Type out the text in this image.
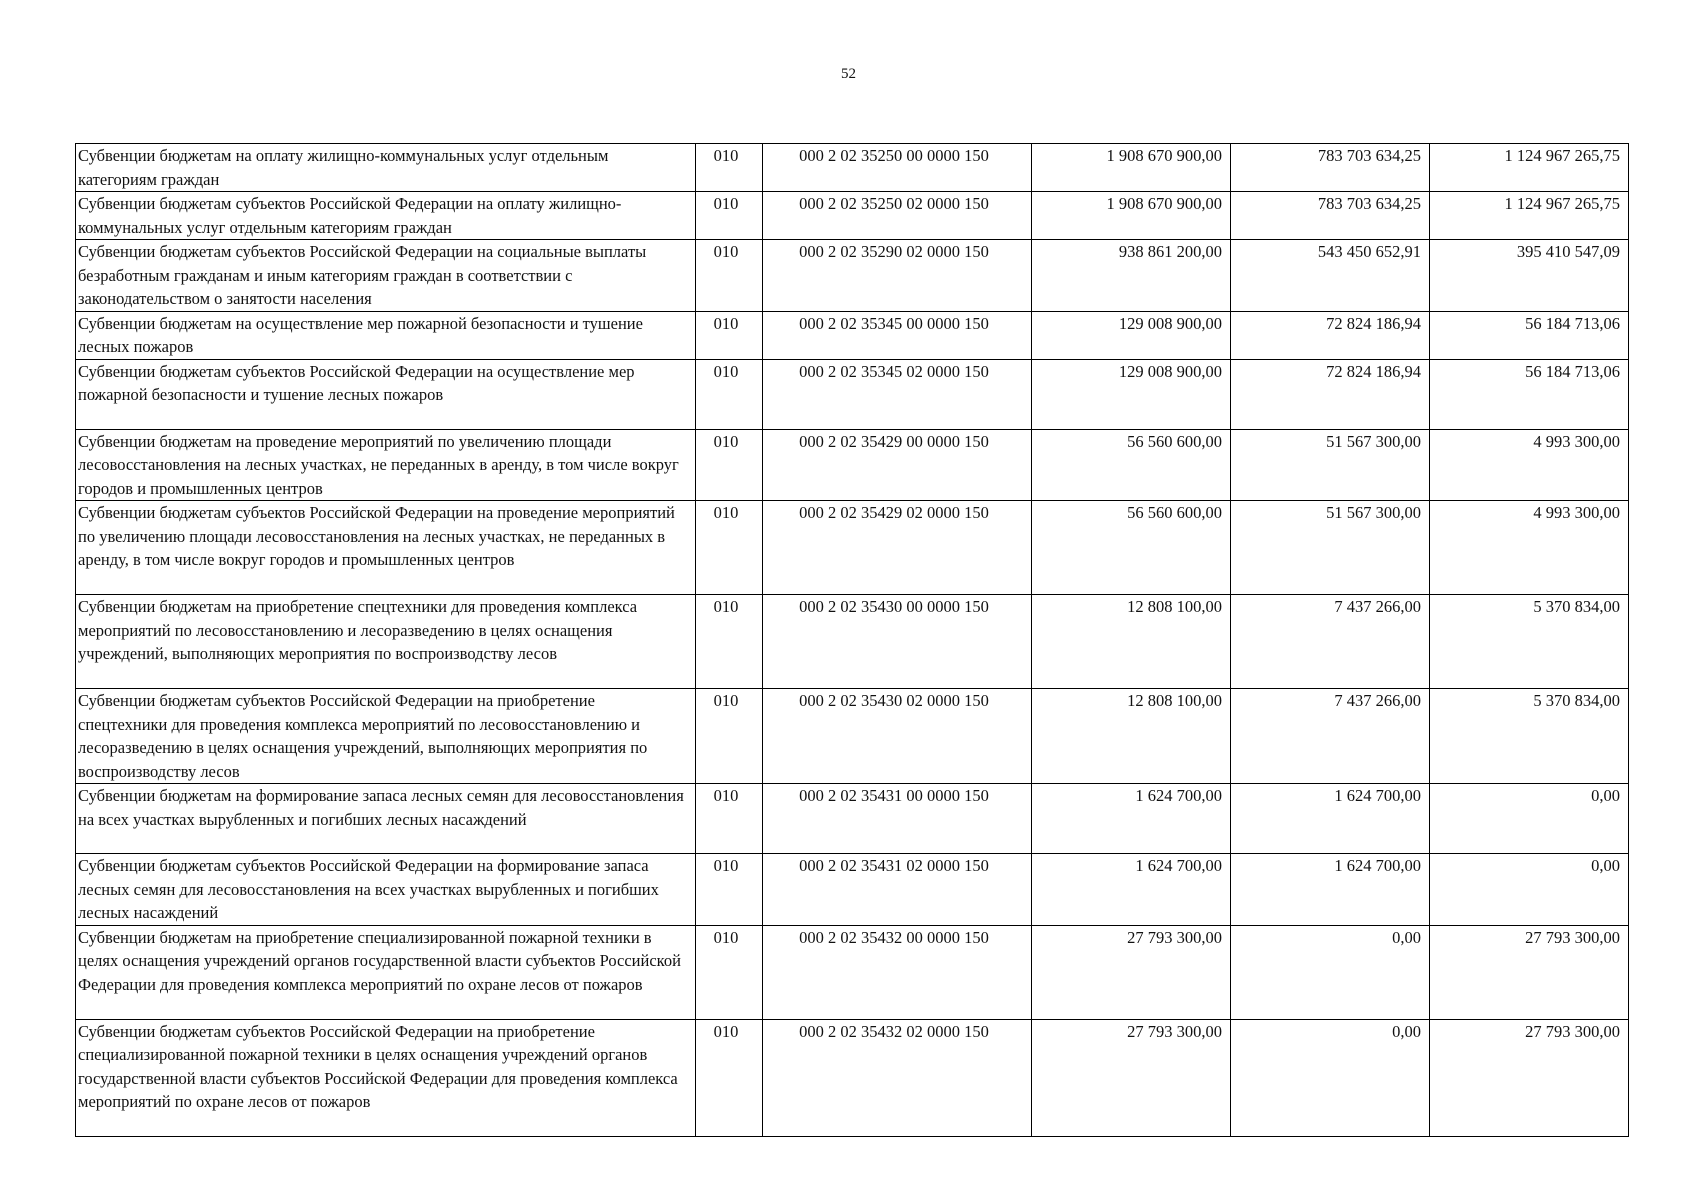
52
Субвенции бюджетам на оплату жилищно-коммунальных услуг отдельным категориям граждан	010	000 2 02 35250 00 0000 150	1 908 670 900,00	783 703 634,25	1 124 967 265,75
Субвенции бюджетам субъектов Российской Федерации на оплату жилищно-коммунальных услуг отдельным категориям граждан	010	000 2 02 35250 02 0000 150	1 908 670 900,00	783 703 634,25	1 124 967 265,75
Субвенции бюджетам субъектов Российской Федерации на социальные выплаты безработным гражданам и иным категориям граждан в соответствии с законодательством о занятости населения	010	000 2 02 35290 02 0000 150	938 861 200,00	543 450 652,91	395 410 547,09
Субвенции бюджетам на осуществление мер пожарной безопасности и тушение лесных пожаров	010	000 2 02 35345 00 0000 150	129 008 900,00	72 824 186,94	56 184 713,06
Субвенции бюджетам субъектов Российской Федерации на осуществление мер пожарной безопасности и тушение лесных пожаров	010	000 2 02 35345 02 0000 150	129 008 900,00	72 824 186,94	56 184 713,06
Субвенции бюджетам на проведение мероприятий по увеличению площади лесовосстановления на лесных участках, не переданных в аренду, в том числе вокруг городов и промышленных центров	010	000 2 02 35429 00 0000 150	56 560 600,00	51 567 300,00	4 993 300,00
Субвенции бюджетам субъектов Российской Федерации на проведение мероприятий по увеличению площади лесовосстановления на лесных участках, не переданных в аренду, в том числе вокруг городов и промышленных центров	010	000 2 02 35429 02 0000 150	56 560 600,00	51 567 300,00	4 993 300,00
Субвенции бюджетам на приобретение спецтехники для проведения комплекса мероприятий по лесовосстановлению и лесоразведению в целях оснащения учреждений, выполняющих мероприятия по воспроизводству лесов	010	000 2 02 35430 00 0000 150	12 808 100,00	7 437 266,00	5 370 834,00
Субвенции бюджетам субъектов Российской Федерации на приобретение спецтехники для проведения комплекса мероприятий по лесовосстановлению и лесоразведению в целях оснащения учреждений, выполняющих мероприятия по воспроизводству лесов	010	000 2 02 35430 02 0000 150	12 808 100,00	7 437 266,00	5 370 834,00
Субвенции бюджетам на формирование запаса лесных семян для лесовосстановления на всех участках вырубленных и погибших лесных насаждений	010	000 2 02 35431 00 0000 150	1 624 700,00	1 624 700,00	0,00
Субвенции бюджетам субъектов Российской Федерации на формирование запаса лесных семян для лесовосстановления на всех участках вырубленных и погибших лесных насаждений	010	000 2 02 35431 02 0000 150	1 624 700,00	1 624 700,00	0,00
Субвенции бюджетам на приобретение специализированной пожарной техники в целях оснащения учреждений органов государственной власти субъектов Российской Федерации для проведения комплекса мероприятий по охране лесов от пожаров	010	000 2 02 35432 00 0000 150	27 793 300,00	0,00	27 793 300,00
Субвенции бюджетам субъектов Российской Федерации на приобретение специализированной пожарной техники в целях оснащения учреждений органов государственной власти субъектов Российской Федерации для проведения комплекса мероприятий по охране лесов от пожаров	010	000 2 02 35432 02 0000 150	27 793 300,00	0,00	27 793 300,00
